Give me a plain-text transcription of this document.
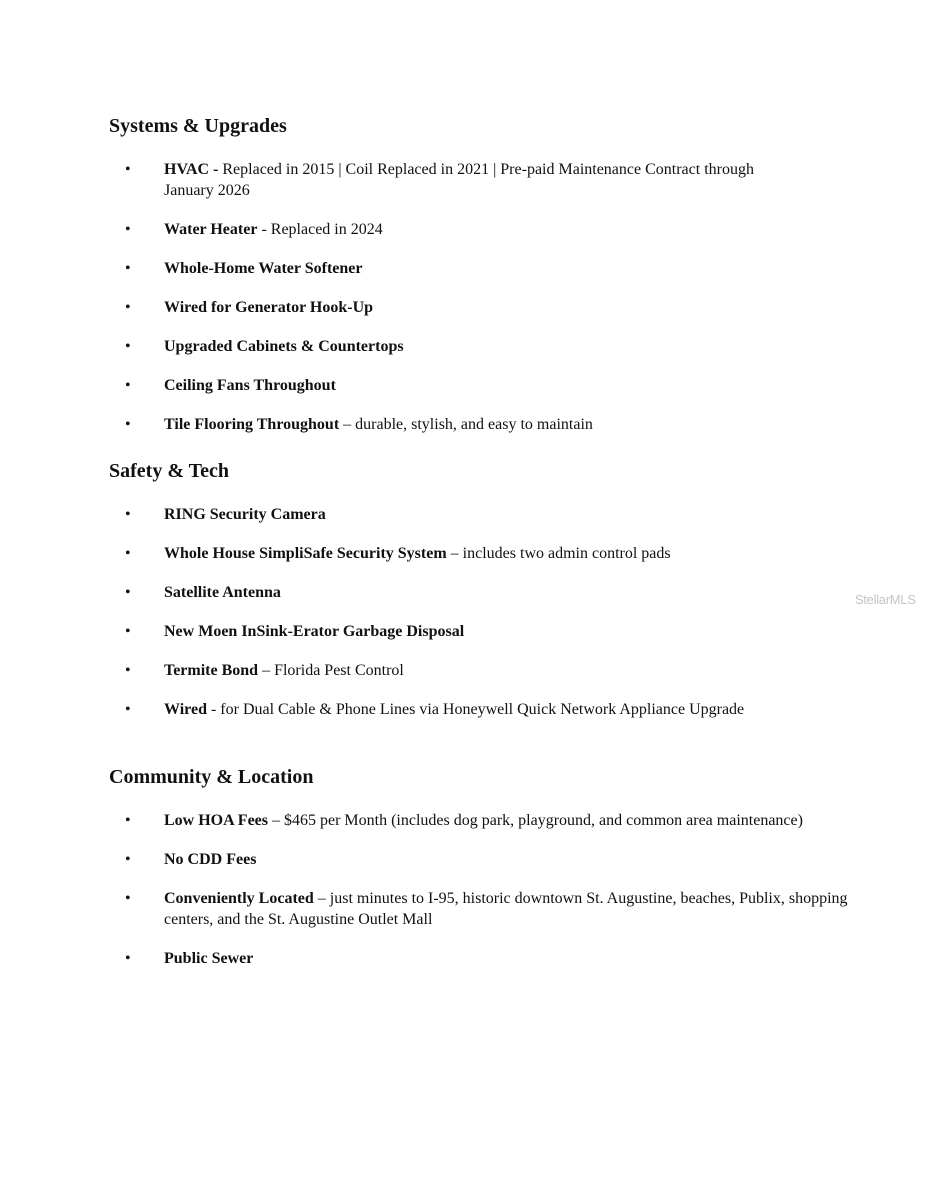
Systems & Upgrades
• HVAC - Replaced in 2015 | Coil Replaced in 2021 | Pre-paid Maintenance Contract through January 2026
• Water Heater - Replaced in 2024
• Whole-Home Water Softener
• Wired for Generator Hook-Up
• Upgraded Cabinets & Countertops
• Ceiling Fans Throughout
• Tile Flooring Throughout – durable, stylish, and easy to maintain
Safety & Tech
• RING Security Camera
• Whole House SimpliSafe Security System – includes two admin control pads
• Satellite Antenna
• New Moen InSink-Erator Garbage Disposal
• Termite Bond – Florida Pest Control
• Wired - for Dual Cable & Phone Lines via Honeywell Quick Network Appliance Upgrade
Community & Location
• Low HOA Fees – $465 per Month (includes dog park, playground, and common area maintenance)
• No CDD Fees
• Conveniently Located – just minutes to I-95, historic downtown St. Augustine, beaches, Publix, shopping centers, and the St. Augustine Outlet Mall
• Public Sewer
StellarMLS
